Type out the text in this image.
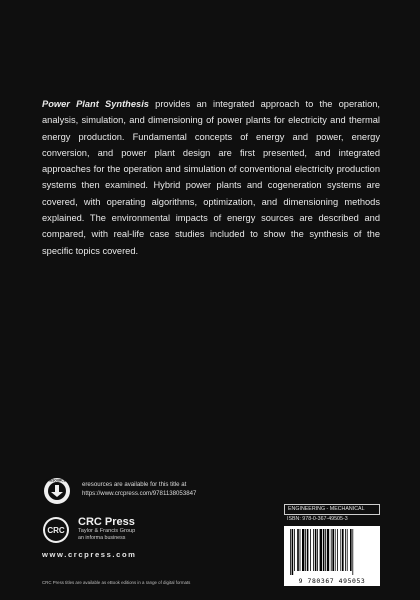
Power Plant Synthesis provides an integrated approach to the operation, analysis, simulation, and dimensioning of power plants for electricity and thermal energy production. Fundamental concepts of energy and power, energy conversion, and power plant design are first presented, and integrated approaches for the operation and simulation of conventional electricity production systems then examined. Hybrid power plants and cogeneration systems are covered, with operating algorithms, optimization, and dimensioning methods explained. The environmental impacts of energy sources are described and compared, with real-life case studies included to show the synthesis of the specific topics covered.

eRESOURCES
eresources are available for this title at
https://www.crcpress.com/9781138053847
CRC
CRC Press
Taylor & Francis Group
an informa business
www.crcpress.com
CRC Press titles are available as eBook editions in a range of digital formats
ENGINEERING - MECHANICAL
ISBN: 978-0-367-49505-3
9 780367 495053
